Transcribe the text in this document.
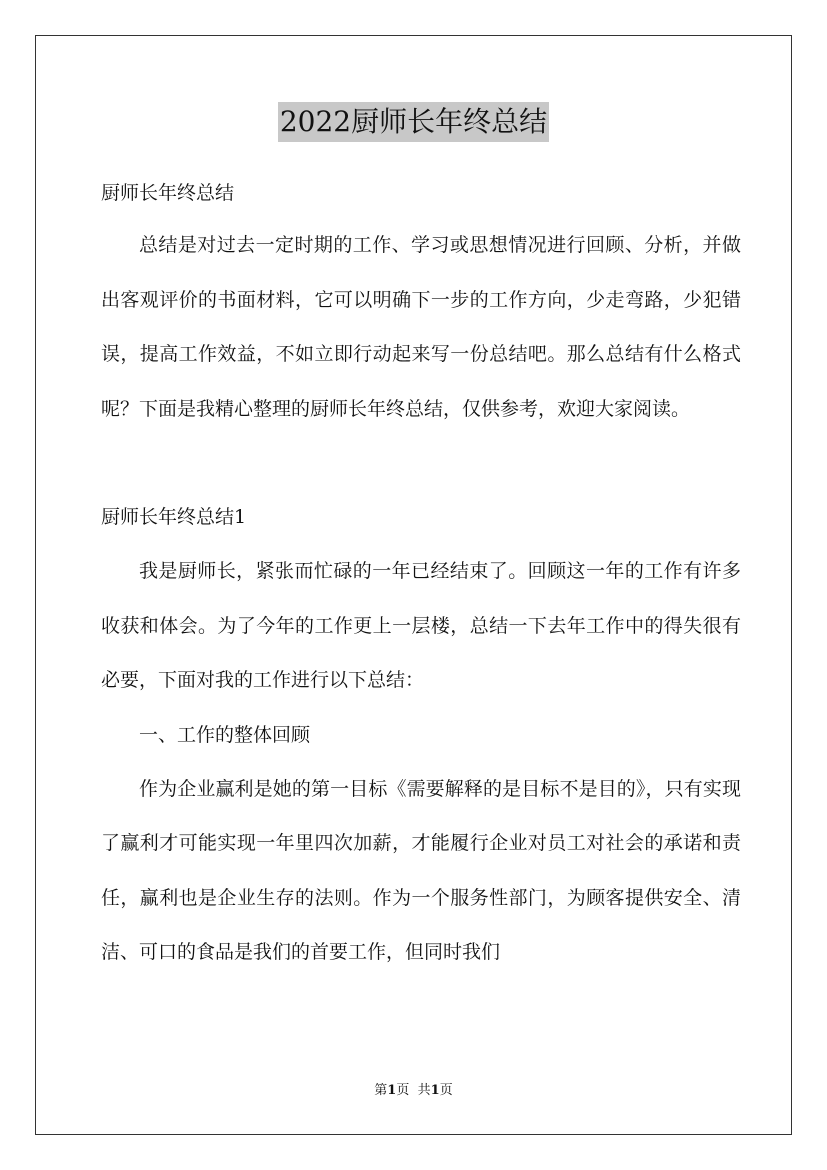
2022厨师长年终总结

厨师长年终总结

总结是对过去一定时期的工作、学习或思想情况进行回顾、分析，并做出客观评价的书面材料，它可以明确下一步的工作方向，少走弯路，少犯错误，提高工作效益，不如立即行动起来写一份总结吧。那么总结有什么格式呢？下面是我精心整理的厨师长年终总结，仅供参考，欢迎大家阅读。

厨师长年终总结1

我是厨师长，紧张而忙碌的一年已经结束了。回顾这一年的工作有许多收获和体会。为了今年的工作更上一层楼，总结一下去年工作中的得失很有必要，下面对我的工作进行以下总结：

一、工作的整体回顾

作为企业赢利是她的第一目标《需要解释的是目标不是目的》，只有实现了赢利才可能实现一年里四次加薪，才能履行企业对员工对社会的承诺和责任，赢利也是企业生存的法则。作为一个服务性部门，为顾客提供安全、清洁、可口的食品是我们的首要工作，但同时我们

第1页 共1页
